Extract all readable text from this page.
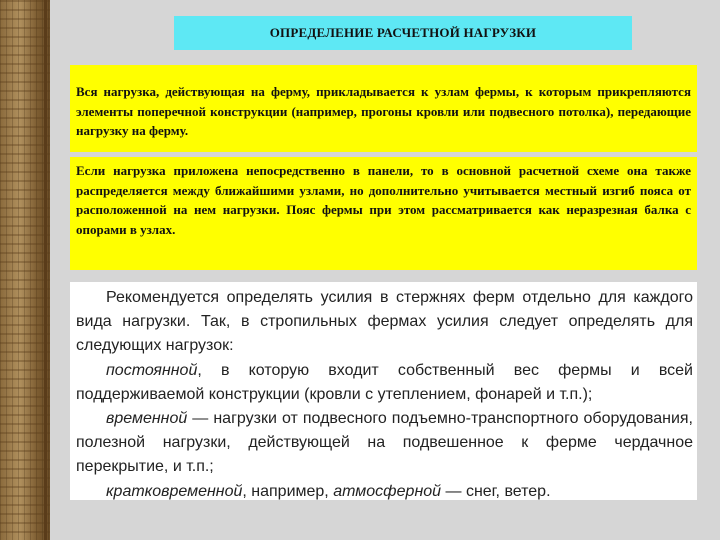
ОПРЕДЕЛЕНИЕ РАСЧЕТНОЙ НАГРУЗКИ
Вся нагрузка, действующая на ферму, прикладывается к узлам фермы, к которым прикрепляются элементы поперечной конструкции (например, прогоны кровли или подвесного потолка), передающие нагрузку на ферму.
Если нагрузка приложена непосредственно в панели, то в основной расчетной схеме она также распределяется между ближайшими узлами, но дополнительно учитывается местный изгиб пояса от расположенной на нем нагрузки. Пояс фермы при этом рассматривается как неразрезная балка с опорами в узлах.

Рекомендуется определять усилия в стержнях ферм отдельно для каждого вида нагрузки. Так, в стропильных фермах усилия следует определять для следующих нагрузок:

постоянной, в которую входит собственный вес фермы и всей поддерживаемой конструкции (кровли с утеплением, фонарей и т.п.);

временной — нагрузки от подвесного подъемно-транспортного оборудования, полезной нагрузки, действующей на подвешенное к ферме чердачное перекрытие, и т.п.;

кратковременной, например, атмосферной — снег, ветер.
